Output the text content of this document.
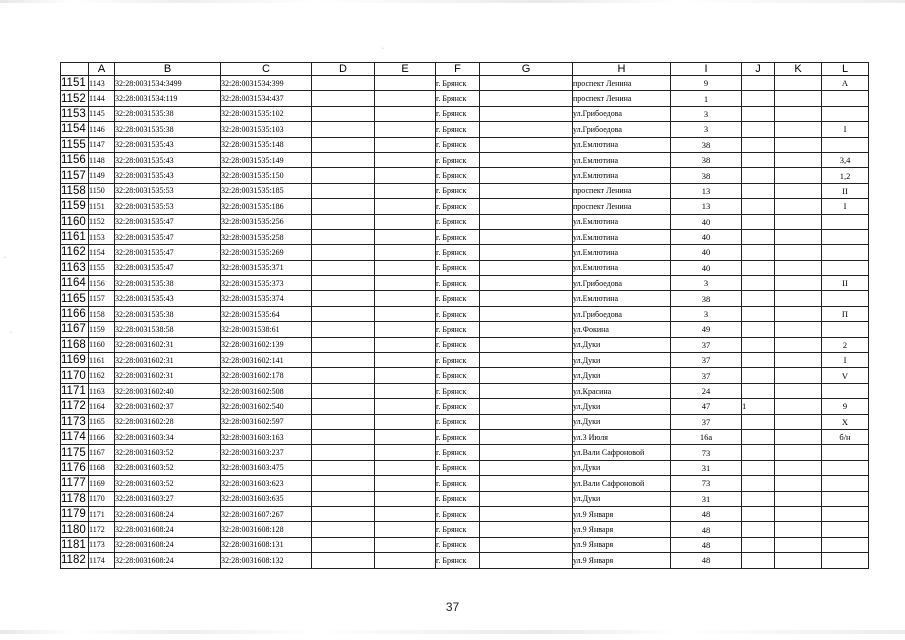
	A	B	C	D	E	F	G	H	I	J	K	L
1151	1143	32:28:0031534:3499	32:28:0031534:399			г. Брянск		проспект Ленина	9			А
1152	1144	32:28:0031534:119	32:28:0031534:437			г. Брянск		проспект Ленина	1			
1153	1145	32:28:0031535:38	32:28:0031535:102			г. Брянск		ул.Грибоедова	3			
1154	1146	32:28:0031535:38	32:28:0031535:103			г. Брянск		ул.Грибоедова	3			I
1155	1147	32:28:0031535:43	32:28:0031535:148			г. Брянск		ул.Емлютина	38			
1156	1148	32:28:0031535:43	32:28:0031535:149			г. Брянск		ул.Емлютина	38			3,4
1157	1149	32:28:0031535:43	32:28:0031535:150			г. Брянск		ул.Емлютина	38			1,2
1158	1150	32:28:0031535:53	32:28:0031535:185			г. Брянск		проспект Ленина	13			II
1159	1151	32:28:0031535:53	32:28:0031535:186			г. Брянск		проспект Ленина	13			I
1160	1152	32:28:0031535:47	32:28:0031535:256			г. Брянск		ул.Емлютина	40			
1161	1153	32:28:0031535:47	32:28:0031535:258			г. Брянск		ул.Емлютина	40			
1162	1154	32:28:0031535:47	32:28:0031535:269			г. Брянск		ул.Емлютина	40			
1163	1155	32:28:0031535:47	32:28:0031535:371			г. Брянск		ул.Емлютина	40			
1164	1156	32:28:0031535:38	32:28:0031535:373			г. Брянск		ул.Грибоедова	3			II
1165	1157	32:28:0031535:43	32:28:0031535:374			г. Брянск		ул.Емлютина	38			
1166	1158	32:28:0031535:38	32:28:0031535:64			г. Брянск		ул.Грибоедова	3			П
1167	1159	32:28:0031538:58	32:28:0031538:61			г. Брянск		ул.Фокина	49			
1168	1160	32:28:0031602:31	32:28:0031602:139			г. Брянск		ул.Дуки	37			2
1169	1161	32:28:0031602:31	32:28:0031602:141			г. Брянск		ул.Дуки	37			I
1170	1162	32:28:0031602:31	32:28:0031602:178			г. Брянск		ул.Дуки	37			V
1171	1163	32:28:0031602:40	32:28:0031602:508			г. Брянск		ул.Красина	24			
1172	1164	32:28:0031602:37	32:28:0031602:540			г. Брянск		ул.Дуки	47	1		9
1173	1165	32:28:0031602:28	32:28:0031602:597			г. Брянск		ул.Дуки	37			X
1174	1166	32:28:0031603:34	32:28:0031603:163			г. Брянск		ул.3 Июля	16а			б/н
1175	1167	32:28:0031603:52	32:28:0031603:237			г. Брянск		ул.Вали Сафроновой	73			
1176	1168	32:28:0031603:52	32:28:0031603:475			г. Брянск		ул.Дуки	31			
1177	1169	32:28:0031603:52	32:28:0031603:623			г. Брянск		ул.Вали Сафроновой	73			
1178	1170	32:28:0031603:27	32:28:0031603:635			г. Брянск		ул.Дуки	31			
1179	1171	32:28:0031608:24	32:28:0031607:267			г. Брянск		ул.9 Января	48			
1180	1172	32:28:0031608:24	32:28:0031608:128			г. Брянск		ул.9 Января	48			
1181	1173	32:28:0031608:24	32:28:0031608:131			г. Брянск		ул.9 Января	48			
1182	1174	32:28:0031608:24	32:28:0031608:132			г. Брянск		ул.9 Января	48			
37
·
·
·
